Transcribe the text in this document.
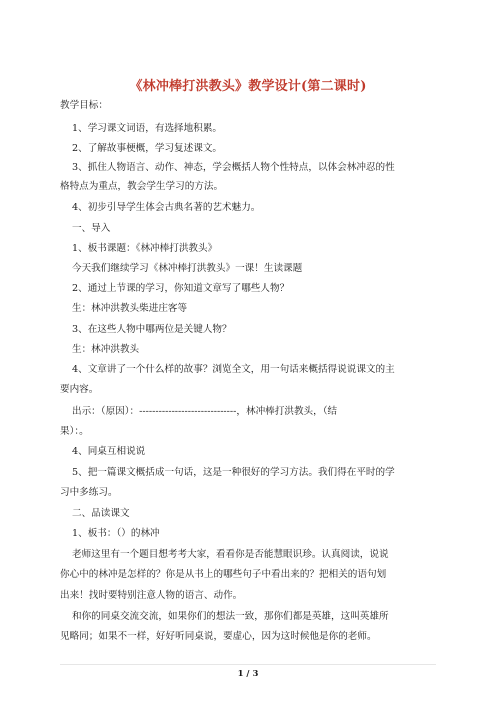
《林冲棒打洪教头》教学设计(第二课时)
教学目标：
1、学习课文词语，有选择地积累。
2、了解故事梗概，学习复述课文。
3、抓住人物语言、动作、神态，学会概括人物个性特点，以体会林冲忍的性
格特点为重点，教会学生学习的方法。
4、初步引导学生体会古典名著的艺术魅力。
一、导入
1、板书课题：《林冲棒打洪教头》
今天我们继续学习《林冲棒打洪教头》一课！生读课题
2、通过上节课的学习，你知道文章写了哪些人物？
生：林冲洪教头柴进庄客等
3、在这些人物中哪两位是关键人物？
生：林冲洪教头
4、文章讲了一个什么样的故事？浏览全文，用一句话来概括得说说课文的主
要内容。
出示：（原因）：------------------------------，林冲棒打洪教头，（结
果）：。
4、同桌互相说说
5、把一篇课文概括成一句话，这是一种很好的学习方法。我们得在平时的学
习中多练习。
二、品读课文
1、板书：（）的林冲
老师这里有一个题目想考考大家，看看你是否能慧眼识珍。认真阅读，说说
你心中的林冲是怎样的？你是从书上的哪些句子中看出来的？把相关的语句划
出来！找时要特别注意人物的语言、动作。
和你的同桌交流交流，如果你们的想法一致，那你们都是英雄，这叫英雄所
见略同；如果不一样，好好听同桌说，要虚心，因为这时候他是你的老师。
1 / 3
